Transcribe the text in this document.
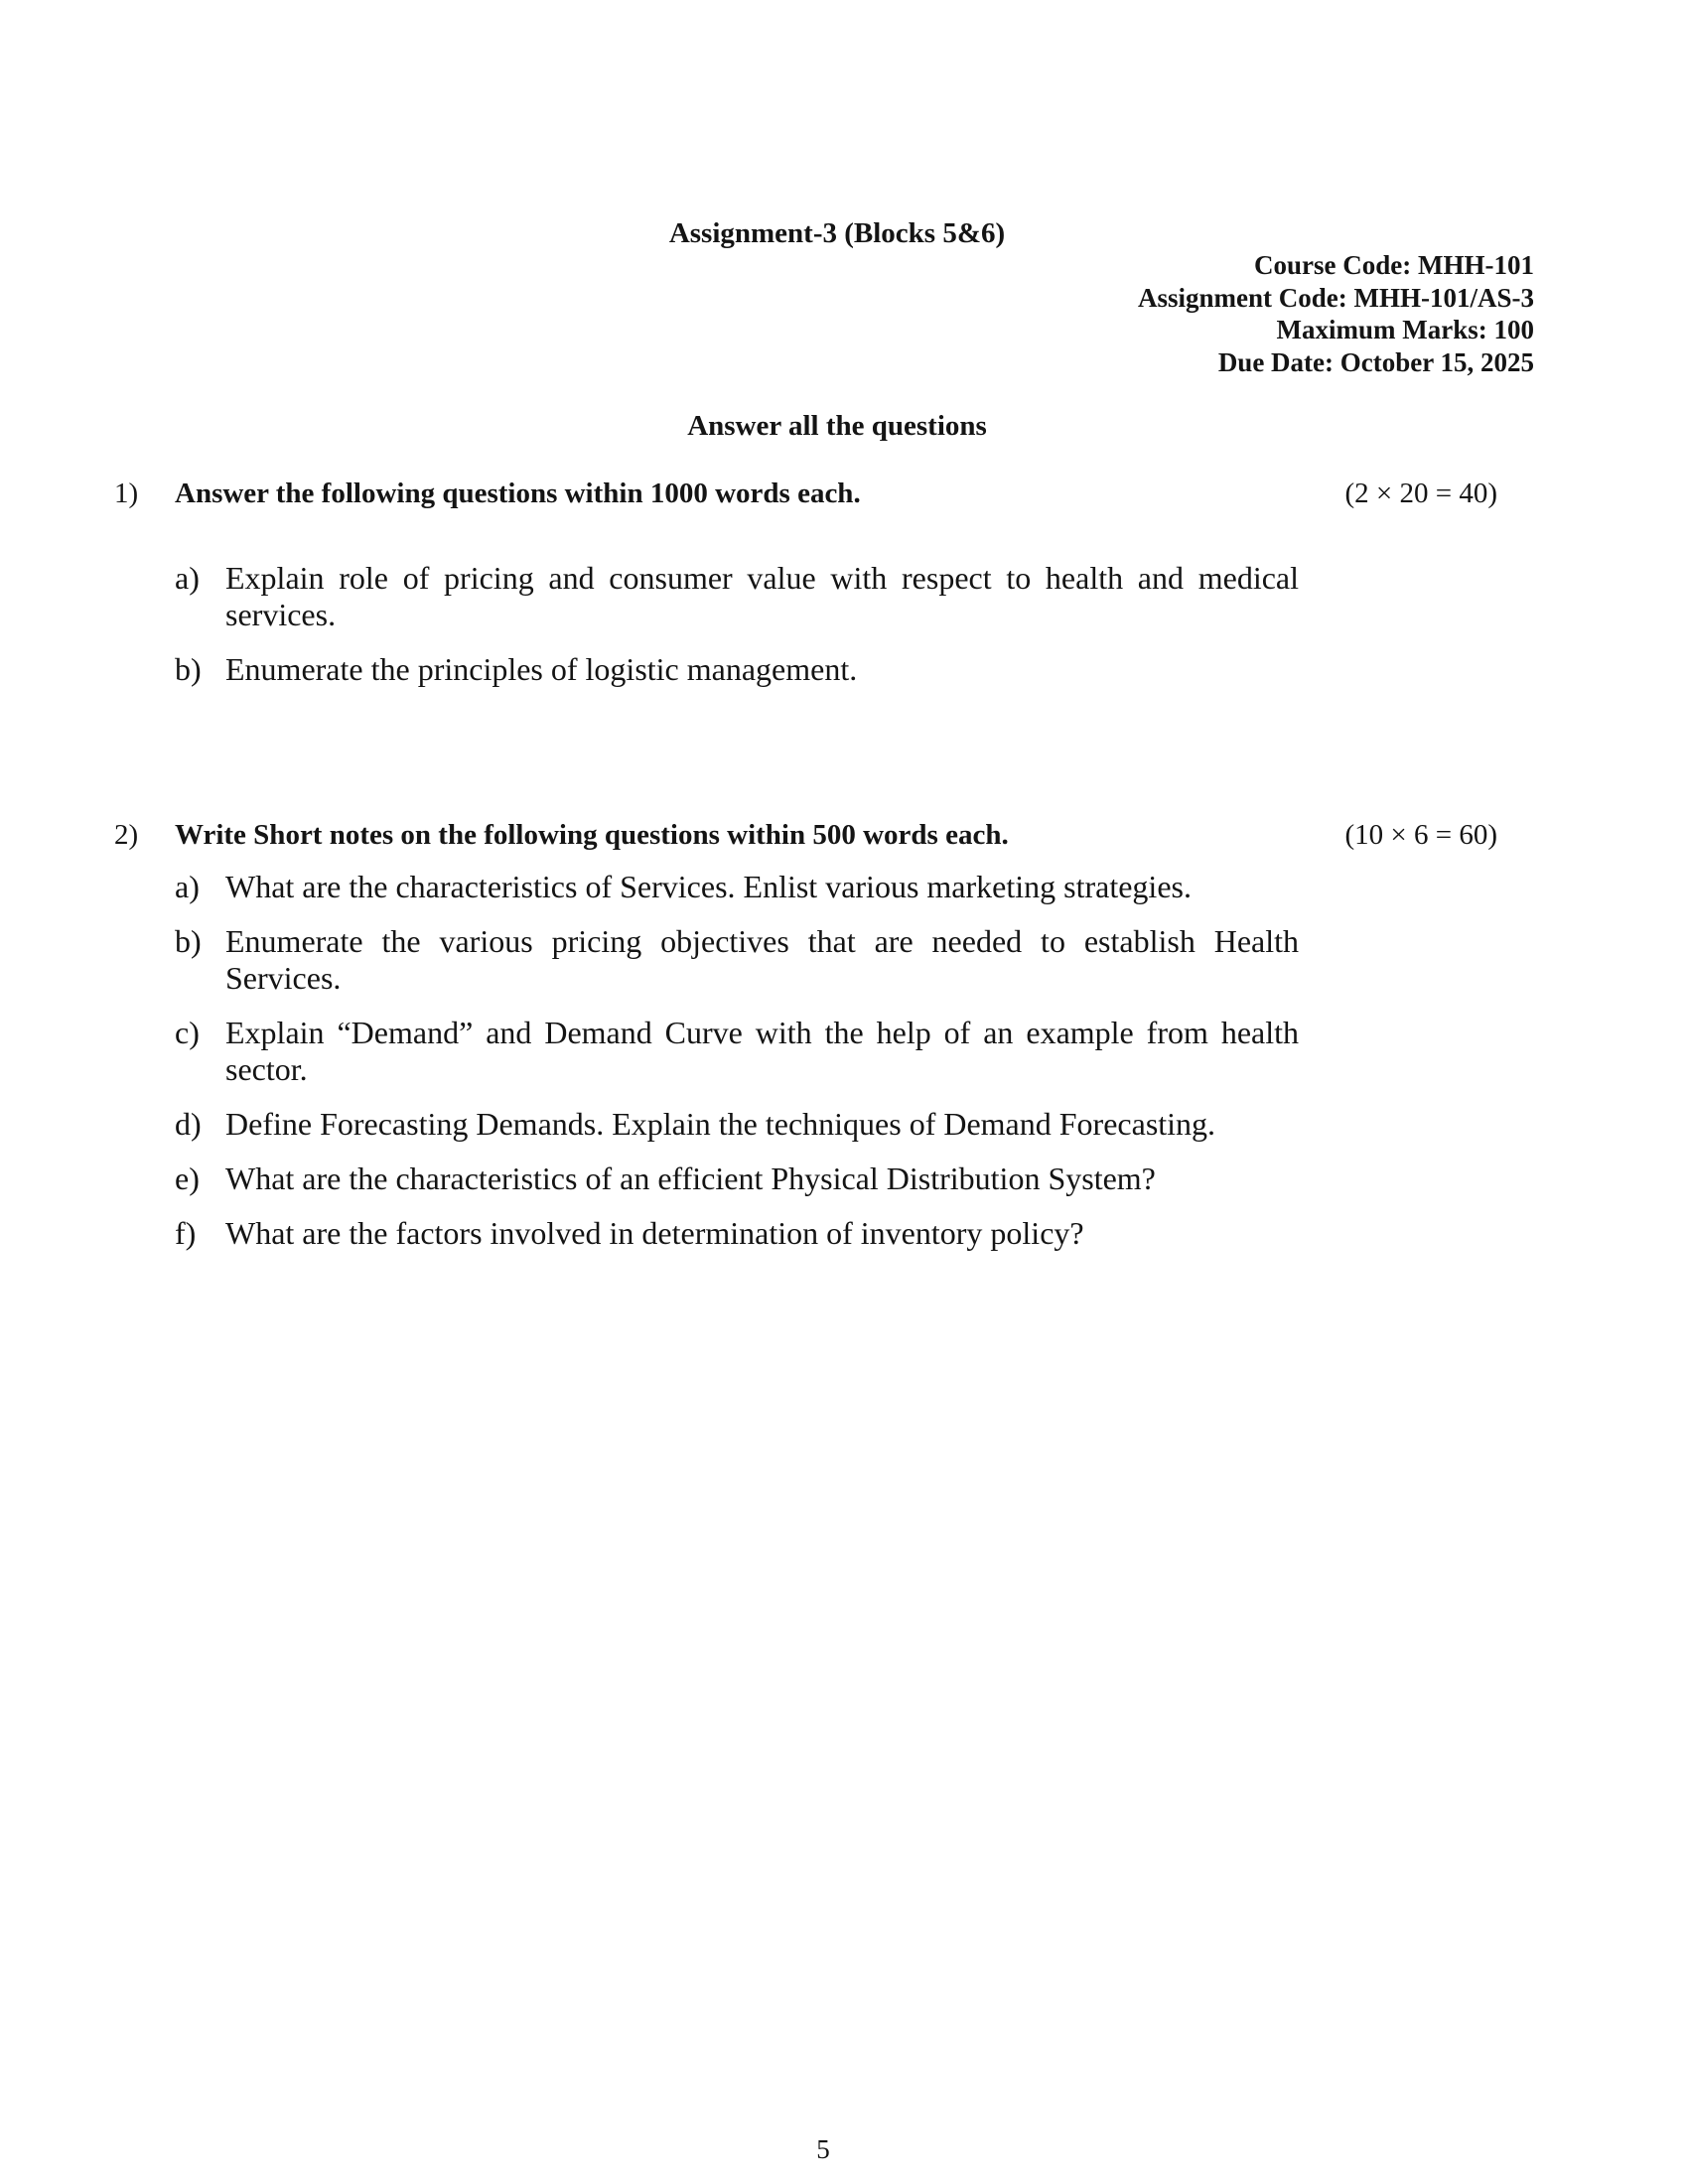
Assignment-3 (Blocks 5&6)
Course Code: MHH-101
Assignment Code: MHH-101/AS-3
Maximum Marks: 100
Due Date: October 15, 2025
Answer all the questions
1) Answer the following questions within 1000 words each.	(2 × 20 = 40)
a) Explain role of pricing and consumer value with respect to health and medical services.
b) Enumerate the principles of logistic management.
2) Write Short notes on the following questions within 500 words each.	(10 × 6 = 60)
a) What are the characteristics of Services. Enlist various marketing strategies.
b) Enumerate the various pricing objectives that are needed to establish Health Services.
c) Explain “Demand” and Demand Curve with the help of an example from health sector.
d) Define Forecasting Demands. Explain the techniques of Demand Forecasting.
e) What are the characteristics of an efficient Physical Distribution System?
f) What are the factors involved in determination of inventory policy?
5
